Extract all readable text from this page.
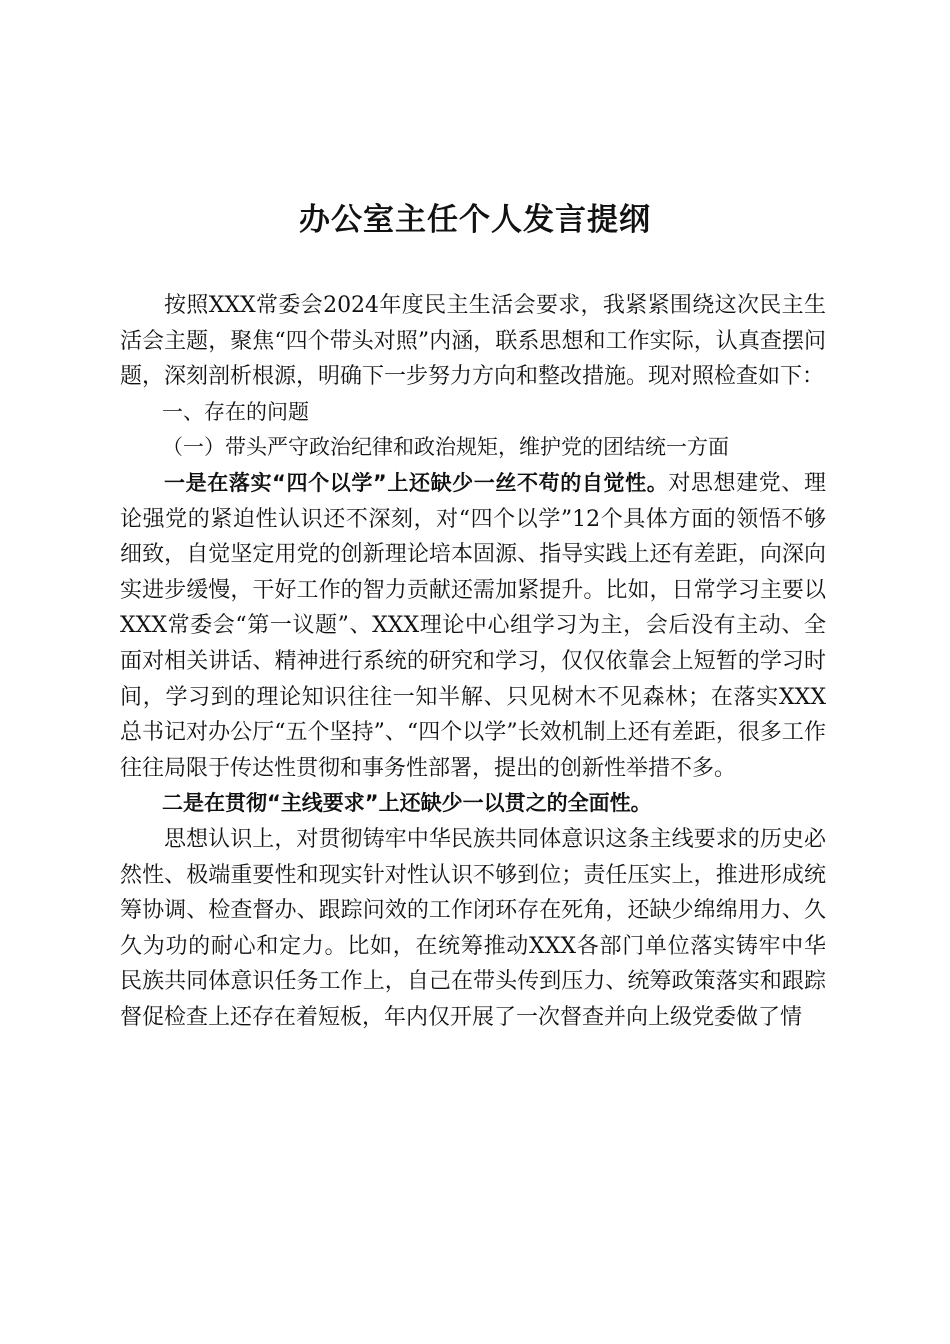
办公室主任个人发言提纲

按照XXX常委会2024年度民主生活会要求，我紧紧围绕这次民主生活会主题，聚焦“四个带头对照”内涵，联系思想和工作实际，认真查摆问题，深刻剖析根源，明确下一步努力方向和整改措施。现对照检查如下：

一、存在的问题

（一）带头严守政治纪律和政治规矩，维护党的团结统一方面

一是在落实“四个以学”上还缺少一丝不苟的自觉性。对思想建党、理论强党的紧迫性认识还不深刻，对“四个以学”12个具体方面的领悟不够细致，自觉坚定用党的创新理论培本固源、指导实践上还有差距，向深向实进步缓慢，干好工作的智力贡献还需加紧提升。比如，日常学习主要以XXX常委会“第一议题”、XXX理论中心组学习为主，会后没有主动、全面对相关讲话、精神进行系统的研究和学习，仅仅依靠会上短暂的学习时间，学习到的理论知识往往一知半解、只见树木不见森林；在落实XXX总书记对办公厅“五个坚持”、“四个以学”长效机制上还有差距，很多工作往往局限于传达性贯彻和事务性部署，提出的创新性举措不多。

二是在贯彻“主线要求”上还缺少一以贯之的全面性。

思想认识上，对贯彻铸牢中华民族共同体意识这条主线要求的历史必然性、极端重要性和现实针对性认识不够到位；责任压实上，推进形成统筹协调、检查督办、跟踪问效的工作闭环存在死角，还缺少绵绵用力、久久为功的耐心和定力。比如，在统筹推动XXX各部门单位落实铸牢中华民族共同体意识任务工作上，自己在带头传到压力、统筹政策落实和跟踪督促检查上还存在着短板，年内仅开展了一次督查并向上级党委做了情
